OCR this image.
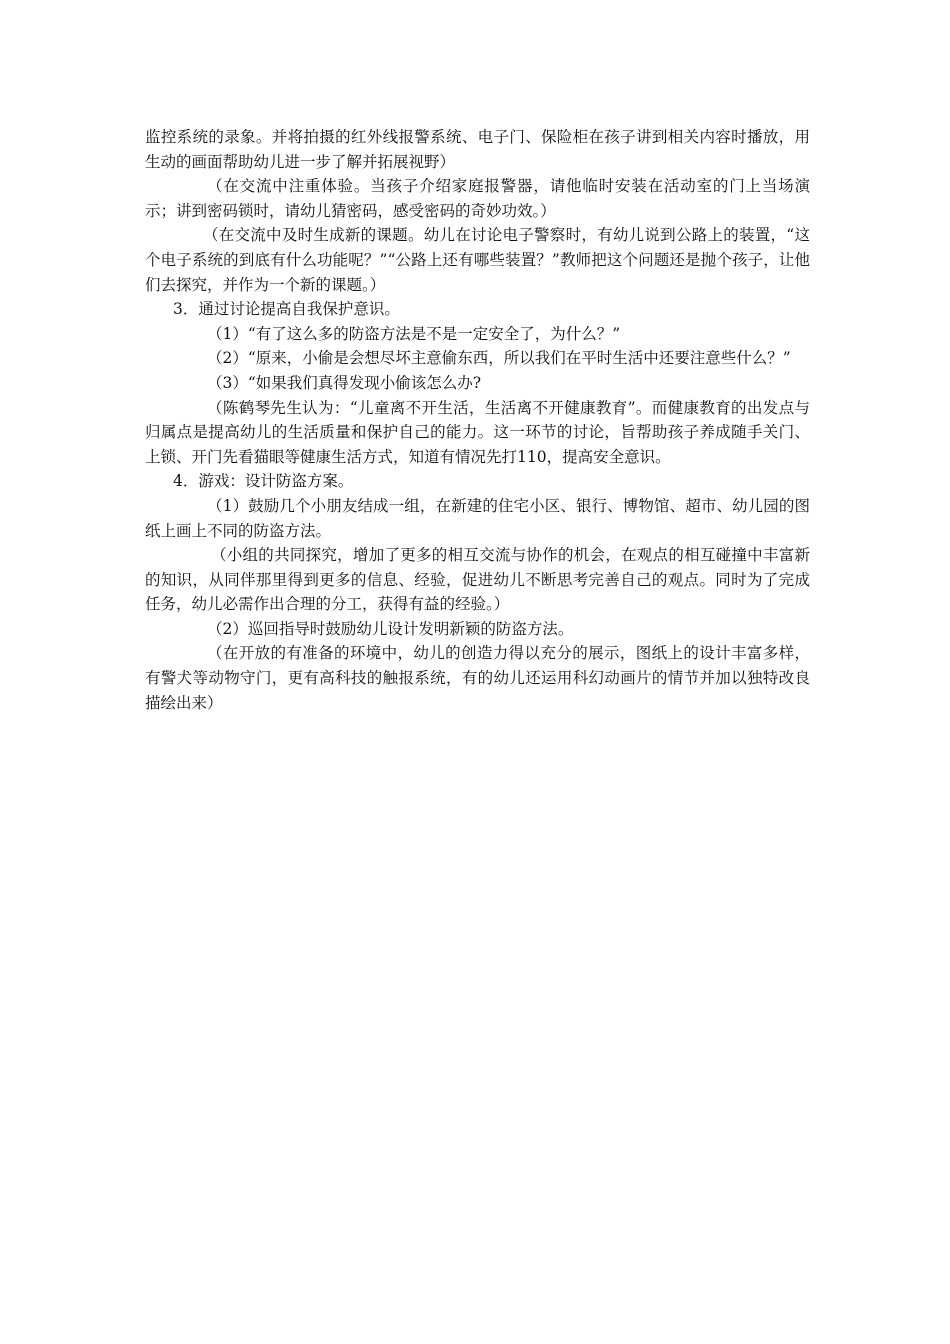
监控系统的录象。并将拍摄的红外线报警系统、电子门、保险柜在孩子讲到相关内容时播放，用生动的画面帮助幼儿进一步了解并拓展视野）

（在交流中注重体验。当孩子介绍家庭报警器，请他临时安装在活动室的门上当场演示；讲到密码锁时，请幼儿猜密码，感受密码的奇妙功效。）

（在交流中及时生成新的课题。幼儿在讨论电子警察时，有幼儿说到公路上的装置，“这个电子系统的到底有什么功能呢？”“公路上还有哪些装置？”教师把这个问题还是抛个孩子，让他们去探究，并作为一个新的课题。）

3．通过讨论提高自我保护意识。

（1）“有了这么多的防盗方法是不是一定安全了，为什么？”

（2）“原来，小偷是会想尽坏主意偷东西，所以我们在平时生活中还要注意些什么？”

（3）“如果我们真得发现小偷该怎么办?

（陈鹤琴先生认为：“儿童离不开生活，生活离不开健康教育”。而健康教育的出发点与归属点是提高幼儿的生活质量和保护自己的能力。这一环节的讨论，旨帮助孩子养成随手关门、上锁、开门先看猫眼等健康生活方式，知道有情况先打110，提高安全意识。

4．游戏：设计防盗方案。

（1）鼓励几个小朋友结成一组，在新建的住宅小区、银行、博物馆、超市、幼儿园的图纸上画上不同的防盗方法。

（小组的共同探究，增加了更多的相互交流与协作的机会，在观点的相互碰撞中丰富新的知识，从同伴那里得到更多的信息、经验，促进幼儿不断思考完善自己的观点。同时为了完成任务，幼儿必需作出合理的分工，获得有益的经验。）

（2）巡回指导时鼓励幼儿设计发明新颖的防盗方法。

（在开放的有准备的环境中，幼儿的创造力得以充分的展示，图纸上的设计丰富多样，有警犬等动物守门，更有高科技的触报系统，有的幼儿还运用科幻动画片的情节并加以独特改良描绘出来）
